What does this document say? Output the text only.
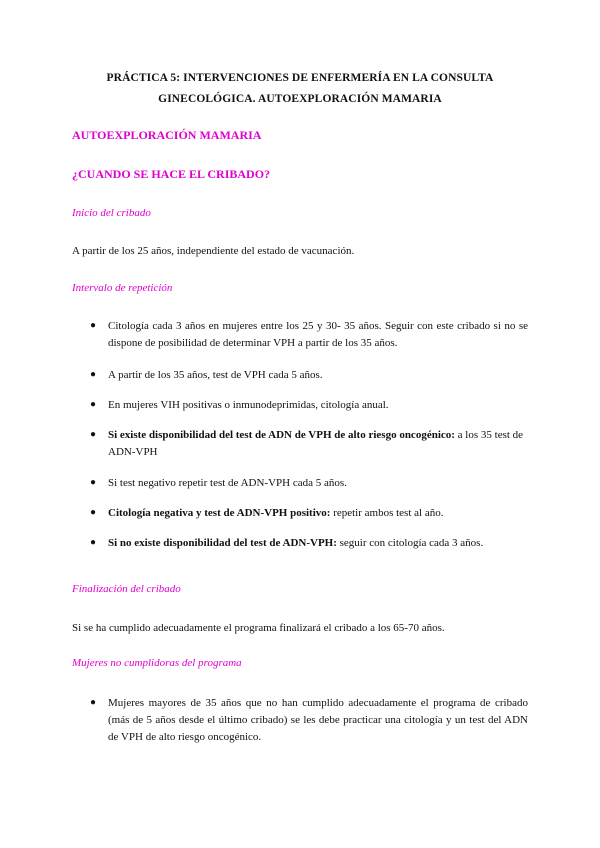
PRÁCTICA 5: INTERVENCIONES DE ENFERMERÍA EN LA CONSULTA
GINECOLÓGICA. AUTOEXPLORACIÓN MAMARIA
AUTOEXPLORACIÓN MAMARIA
¿CUANDO SE HACE EL CRIBADO?
Inicio del cribado
A partir de los 25 años, independiente del estado de vacunación.
Intervalo de repetición
●	Citología cada 3 años en mujeres entre los 25 y 30- 35 años. Seguir con este cribado si no se dispone de posibilidad de determinar VPH a partir de los 35 años.
●	A partir de los 35 años, test de VPH cada 5 años.
●	En mujeres VIH positivas o inmunodeprimidas, citología anual.
●	Si existe disponibilidad del test de ADN de VPH de alto riesgo oncogénico: a los 35 test de ADN-VPH
●	Si test negativo repetir test de ADN-VPH cada 5 años.
●	Citología negativa y test de ADN-VPH positivo: repetir ambos test al año.
●	Si no existe disponibilidad del test de ADN-VPH: seguir con citología cada 3 años.
Finalización del cribado
Si se ha cumplido adecuadamente el programa finalizará el cribado a los 65-70 años.
Mujeres no cumplidoras del programa
●	Mujeres mayores de 35 años que no han cumplido adecuadamente el programa de cribado (más de 5 años desde el último cribado) se les debe practicar una citología y un test del ADN de VPH de alto riesgo oncogénico.
